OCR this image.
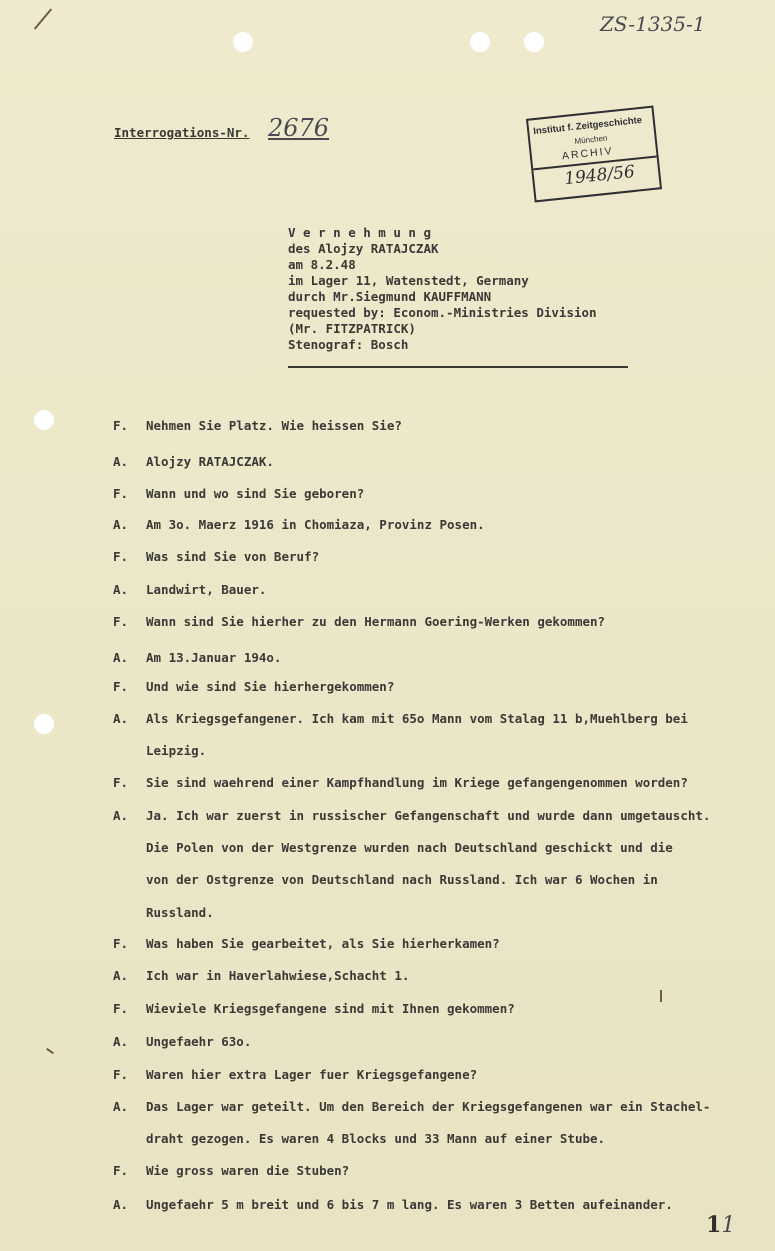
ZS-1335-1
Interrogations-Nr. 2676	Institut f. Zeitgeschichte
München
ARCHIV
1948/56
V e r n e h m u n g
des Alojzy RATAJCZAK
am 8.2.48
im Lager 11, Watenstedt, Germany
durch Mr.Siegmund KAUFFMANN
requested by: Econom.-Ministries Division
(Mr. FITZPATRICK)
Stenograf: Bosch
F. Nehmen Sie Platz. Wie heissen Sie?
A. Alojzy RATAJCZAK.
F. Wann und wo sind Sie geboren?
A. Am 3o. Maerz 1916 in Chomiaza, Provinz Posen.
F. Was sind Sie von Beruf?
A. Landwirt, Bauer.
F. Wann sind Sie hierher zu den Hermann Goering-Werken gekommen?
A. Am 13.Januar 194o.
F. Und wie sind Sie hierhergekommen?
A. Als Kriegsgefangener. Ich kam mit 65o Mann vom Stalag 11 b,Muehlberg bei
Leipzig.
F. Sie sind waehrend einer Kampfhandlung im Kriege gefangengenommen worden?
A. Ja. Ich war zuerst in russischer Gefangenschaft und wurde dann umgetauscht.
Die Polen von der Westgrenze wurden nach Deutschland geschickt und die
von der Ostgrenze von Deutschland nach Russland. Ich war 6 Wochen in
Russland.
F. Was haben Sie gearbeitet, als Sie hierherkamen?
A. Ich war in Haverlahwiese,Schacht 1.
F. Wieviele Kriegsgefangene sind mit Ihnen gekommen?
A. Ungefaehr 63o.
F. Waren hier extra Lager fuer Kriegsgefangene?
A. Das Lager war geteilt. Um den Bereich der Kriegsgefangenen war ein Stachel-
draht gezogen. Es waren 4 Blocks und 33 Mann auf einer Stube.
F. Wie gross waren die Stuben?
A. Ungefaehr 5 m breit und 6 bis 7 m lang. Es waren 3 Betten aufeinander.
11
